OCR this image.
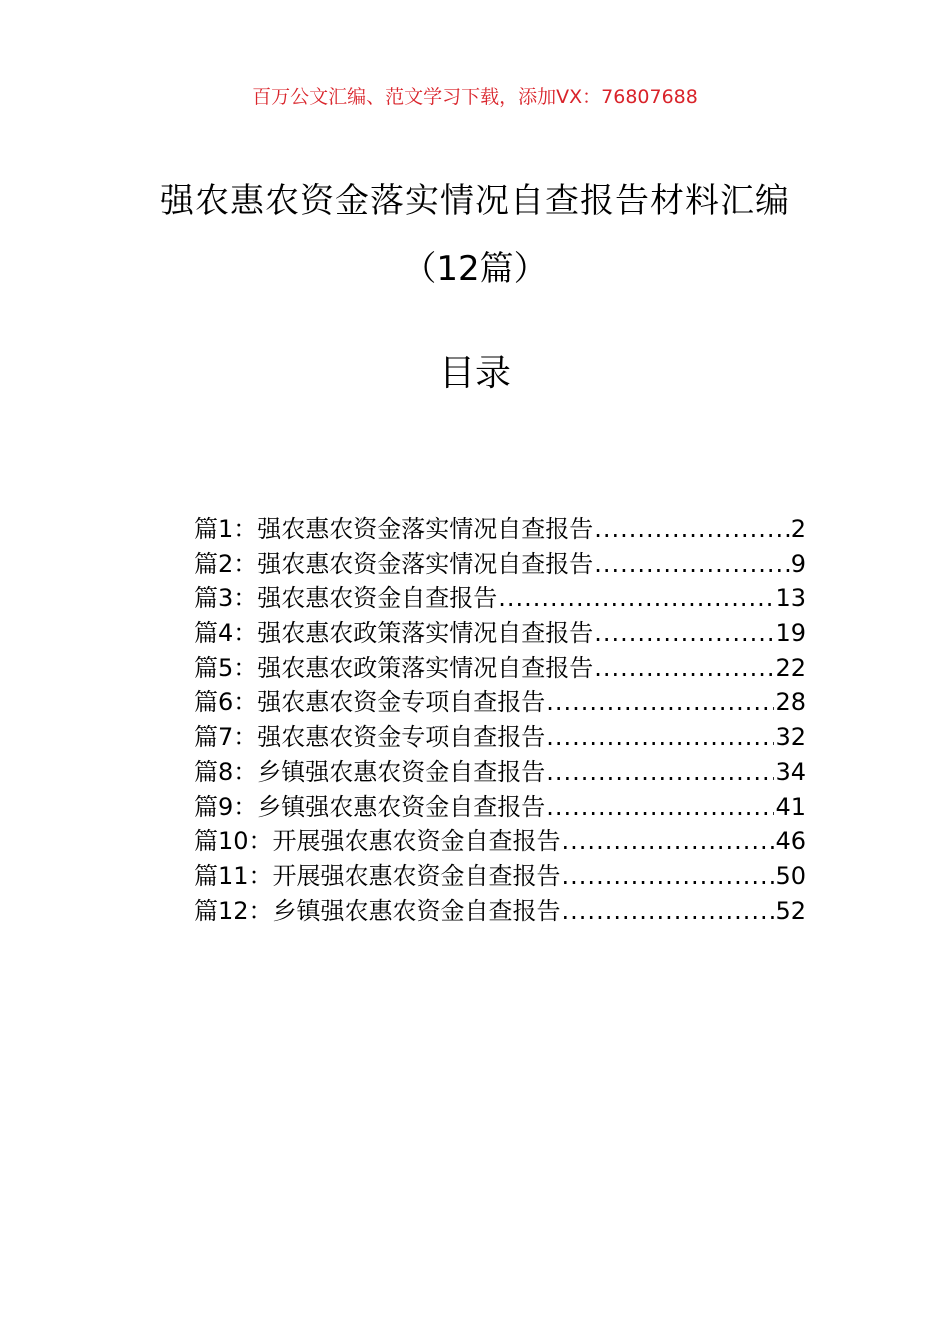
百万公文汇编、范文学习下载，添加VX：76807688
强农惠农资金落实情况自查报告材料汇编
（12篇）
目录
篇1：强农惠农资金落实情况自查报告 .....	2
篇2：强农惠农资金落实情况自查报告 .....	9
篇3：强农惠农资金自查报告 .....	13
篇4：强农惠农政策落实情况自查报告 .....	19
篇5：强农惠农政策落实情况自查报告 .....	22
篇6：强农惠农资金专项自查报告 .....	28
篇7：强农惠农资金专项自查报告 .....	32
篇8：乡镇强农惠农资金自查报告 .....	34
篇9：乡镇强农惠农资金自查报告 .....	41
篇10：开展强农惠农资金自查报告 .....	46
篇11：开展强农惠农资金自查报告 .....	50
篇12：乡镇强农惠农资金自查报告 .....	52
